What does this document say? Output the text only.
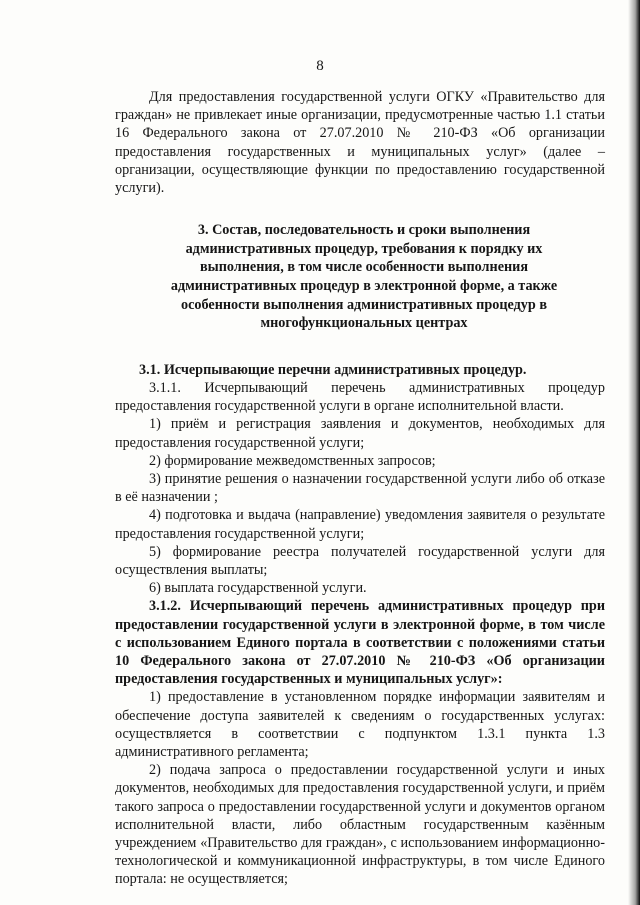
8

Для предоставления государственной услуги ОГКУ «Правительство для граждан» не привлекает иные организации, предусмотренные частью 1.1 статьи 16 Федерального закона от 27.07.2010 № 210-ФЗ «Об организации предоставления государственных и муниципальных услуг» (далее – организации, осуществляющие функции по предоставлению государственной услуги).

3. Состав, последовательность и сроки выполнения административных процедур, требования к порядку их выполнения, в том числе особенности выполнения административных процедур в электронной форме, а также особенности выполнения административных процедур в многофункциональных центрах

3.1. Исчерпывающие перечни административных процедур.

3.1.1. Исчерпывающий перечень административных процедур предоставления государственной услуги в органе исполнительной власти.

1) приём и регистрация заявления и документов, необходимых для предоставления государственной услуги;

2) формирование межведомственных запросов;

3) принятие решения о назначении государственной услуги либо об отказе в её назначении ;

4) подготовка и выдача (направление) уведомления заявителя о результате предоставления государственной услуги;

5) формирование реестра получателей государственной услуги для осуществления выплаты;

6) выплата государственной услуги.

3.1.2. Исчерпывающий перечень административных процедур при предоставлении государственной услуги в электронной форме, в том числе с использованием Единого портала в соответствии с положениями статьи 10 Федерального закона от 27.07.2010 № 210-ФЗ «Об организации предоставления государственных и муниципальных услуг»:

1) предоставление в установленном порядке информации заявителям и обеспечение доступа заявителей к сведениям о государственных услугах: осуществляется в соответствии с подпунктом 1.3.1 пункта 1.3 административного регламента;

2) подача запроса о предоставлении государственной услуги и иных документов, необходимых для предоставления государственной услуги, и приём такого запроса о предоставлении государственной услуги и документов органом исполнительной власти, либо областным государственным казённым учреждением «Правительство для граждан», с использованием информационно-технологической и коммуникационной инфраструктуры, в том числе Единого портала: не осуществляется;
